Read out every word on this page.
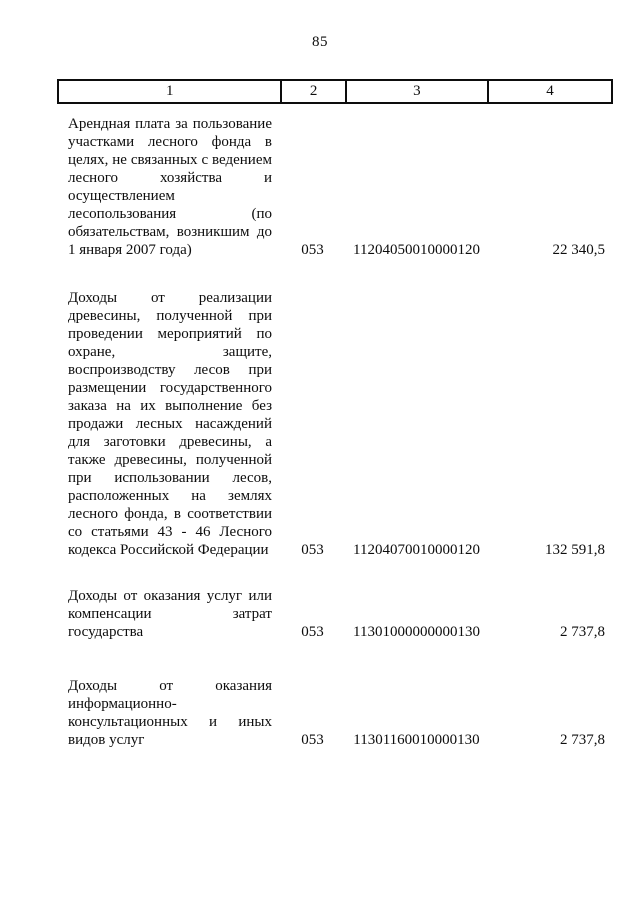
85
1	2	3	4
Арендная плата за пользование участками лесного фонда в целях, не связанных с ведением лесного хозяйства и осуществлением лесопользования (по обязательствам, возникшим до 1 января 2007 года)	053	11204050010000120	22 340,5
Доходы от реализации древесины, полученной при проведении мероприятий по охране, защите, воспроизводству лесов при размещении государственного заказа на их выполнение без продажи лесных насаждений для заготовки древесины, а также древесины, полученной при использовании лесов, расположенных на землях лесного фонда, в соответствии со статьями 43 - 46 Лесного кодекса Российской Федерации	053	11204070010000120	132 591,8
Доходы от оказания услуг или компенсации затрат государства	053	11301000000000130	2 737,8
Доходы от оказания информационно-консультационных и иных видов услуг	053	11301160010000130	2 737,8
